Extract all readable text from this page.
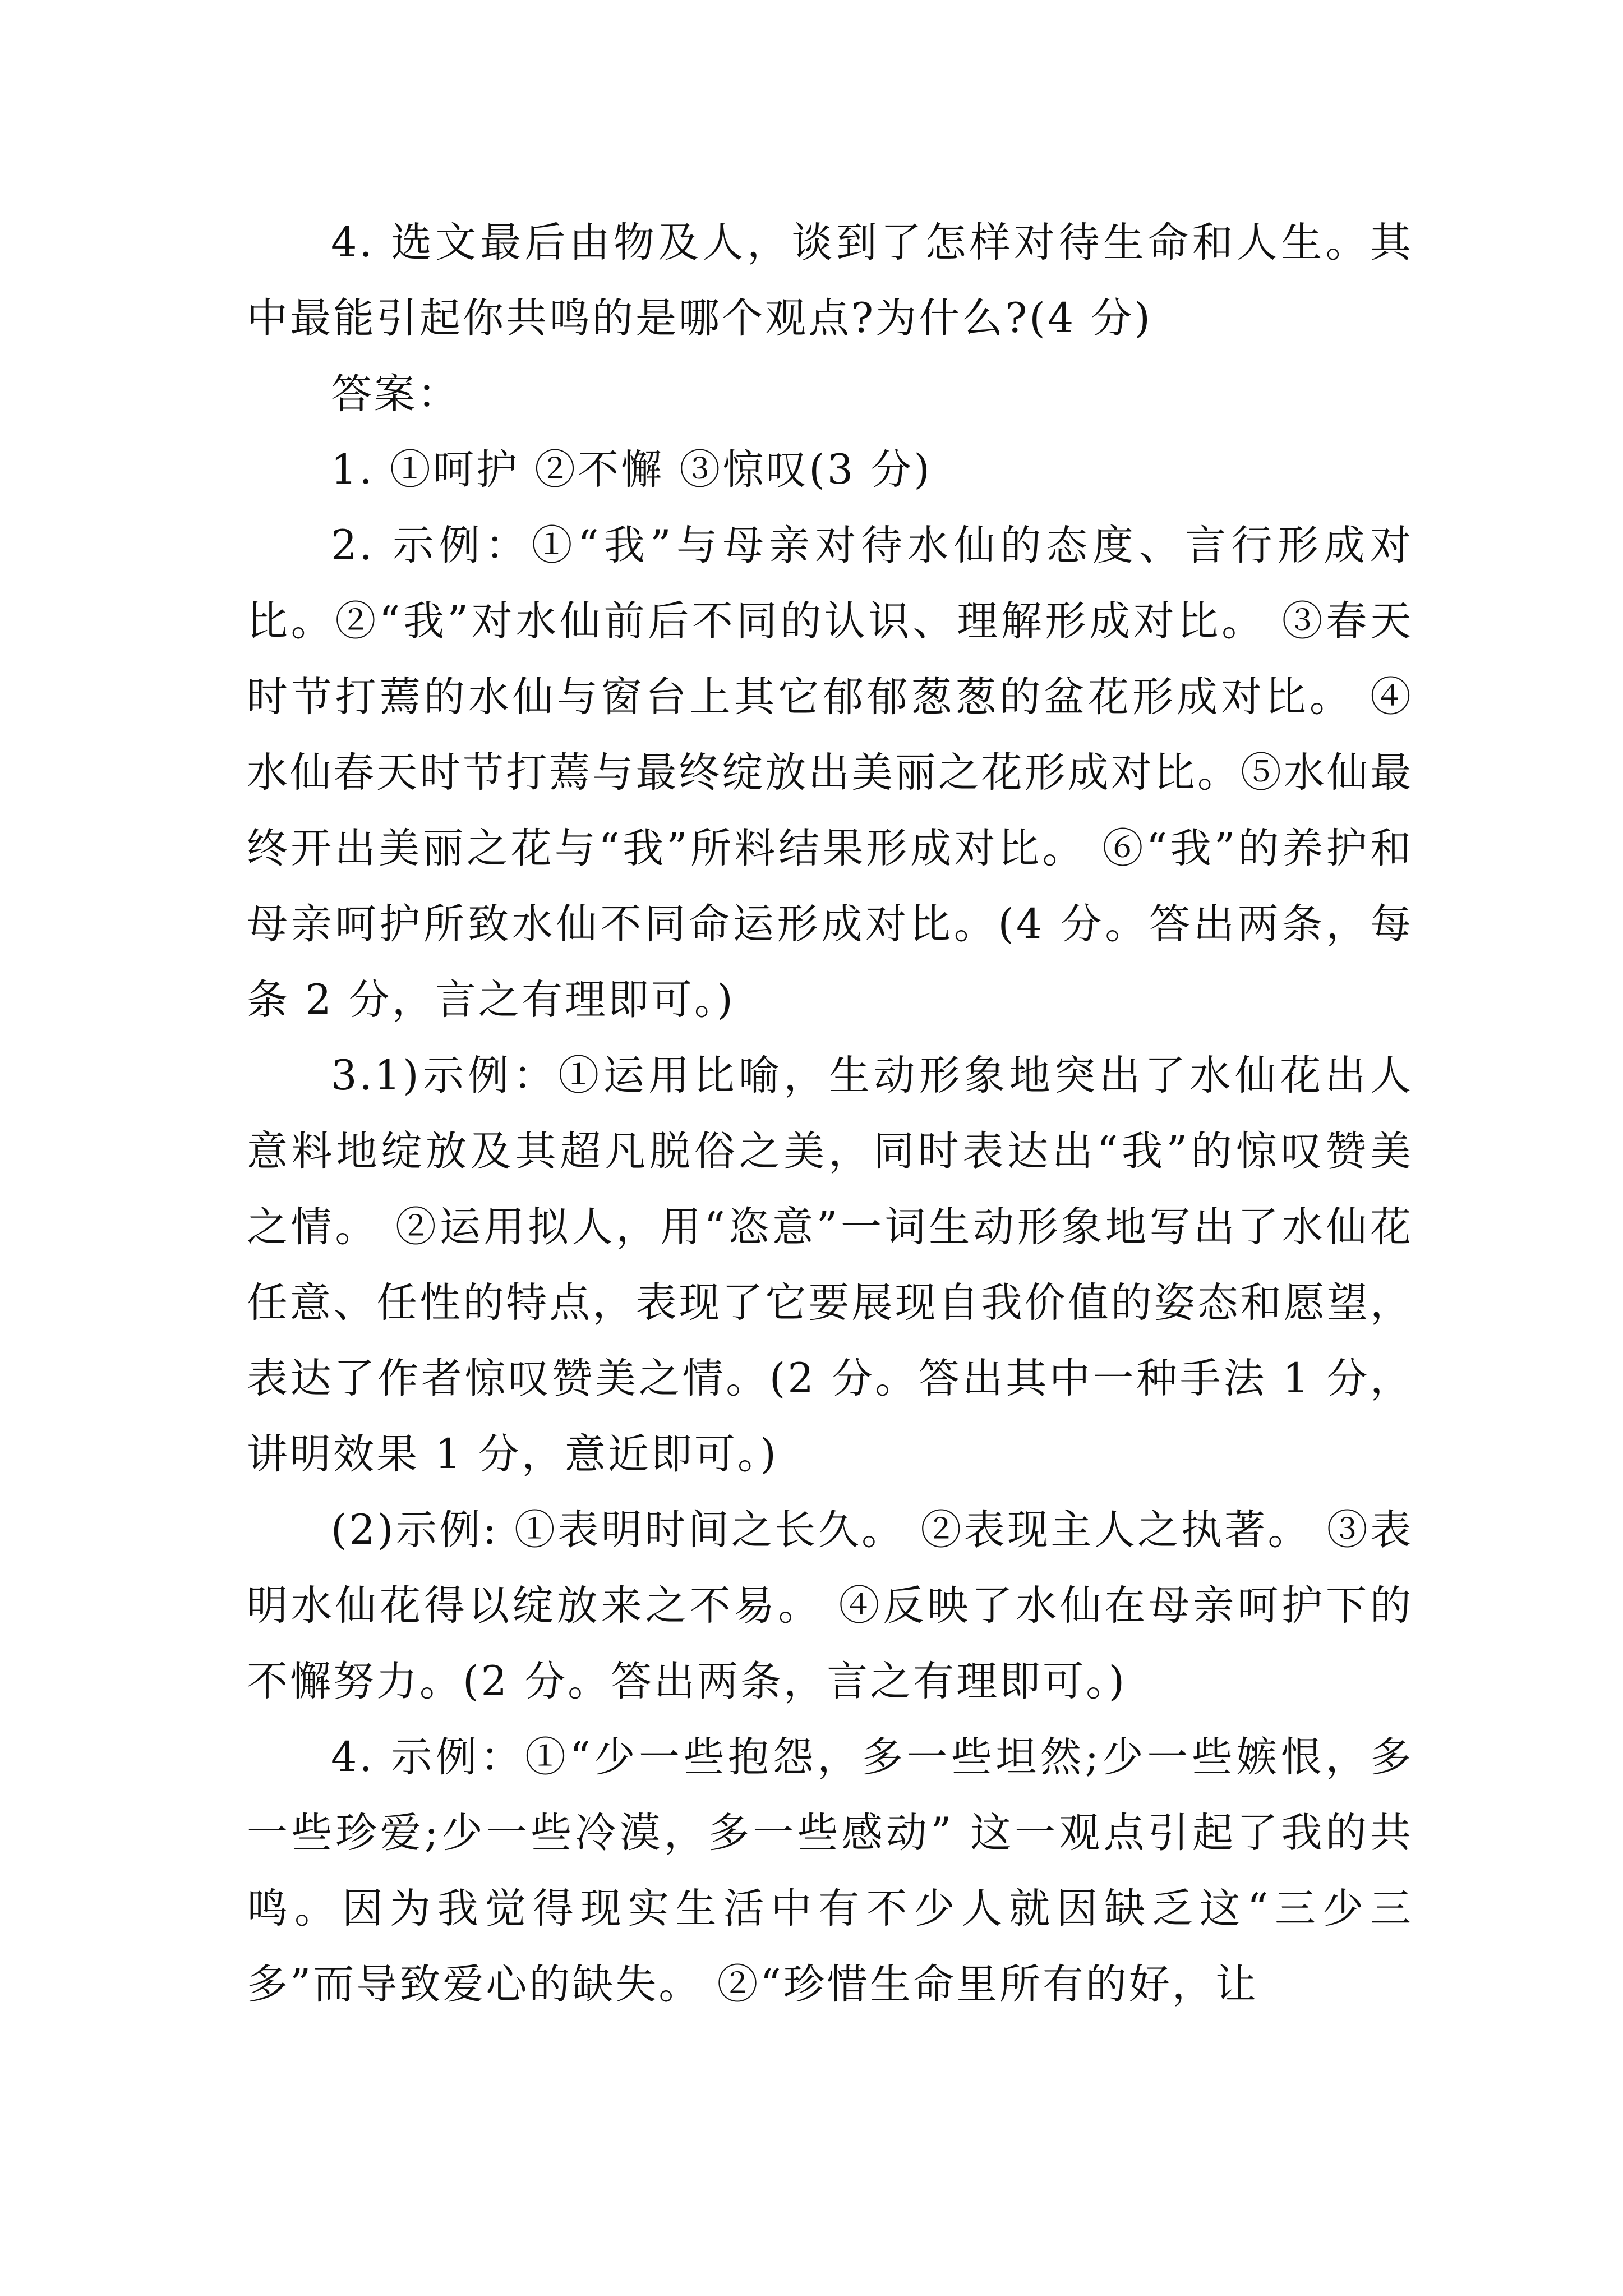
4. 选文最后由物及人，谈到了怎样对待生命和人生。其中最能引起你共鸣的是哪个观点?为什么?(4 分)

答案：

1. ①呵护 ②不懈 ③惊叹(3 分)

2. 示例：①“我”与母亲对待水仙的态度、言行形成对比。②“我”对水仙前后不同的认识、理解形成对比。 ③春天时节打蔫的水仙与窗台上其它郁郁葱葱的盆花形成对比。 ④水仙春天时节打蔫与最终绽放出美丽之花形成对比。⑤水仙最终开出美丽之花与“我”所料结果形成对比。 ⑥“我”的养护和母亲呵护所致水仙不同命运形成对比。(4 分。答出两条，每条 2 分，言之有理即可。)

3.1)示例：①运用比喻，生动形象地突出了水仙花出人意料地绽放及其超凡脱俗之美，同时表达出“我”的惊叹赞美之情。 ②运用拟人，用“恣意”一词生动形象地写出了水仙花任意、任性的特点，表现了它要展现自我价值的姿态和愿望，表达了作者惊叹赞美之情。(2 分。答出其中一种手法 1 分，讲明效果 1 分，意近即可。)

(2)示例: ①表明时间之长久。 ②表现主人之执著。 ③表明水仙花得以绽放来之不易。 ④反映了水仙在母亲呵护下的不懈努力。(2 分。答出两条，言之有理即可。)

4. 示例：①“少一些抱怨，多一些坦然;少一些嫉恨，多一些珍爱;少一些冷漠，多一些感动” 这一观点引起了我的共鸣。因为我觉得现实生活中有不少人就因缺乏这“三少三多”而导致爱心的缺失。 ②“珍惜生命里所有的好，让
